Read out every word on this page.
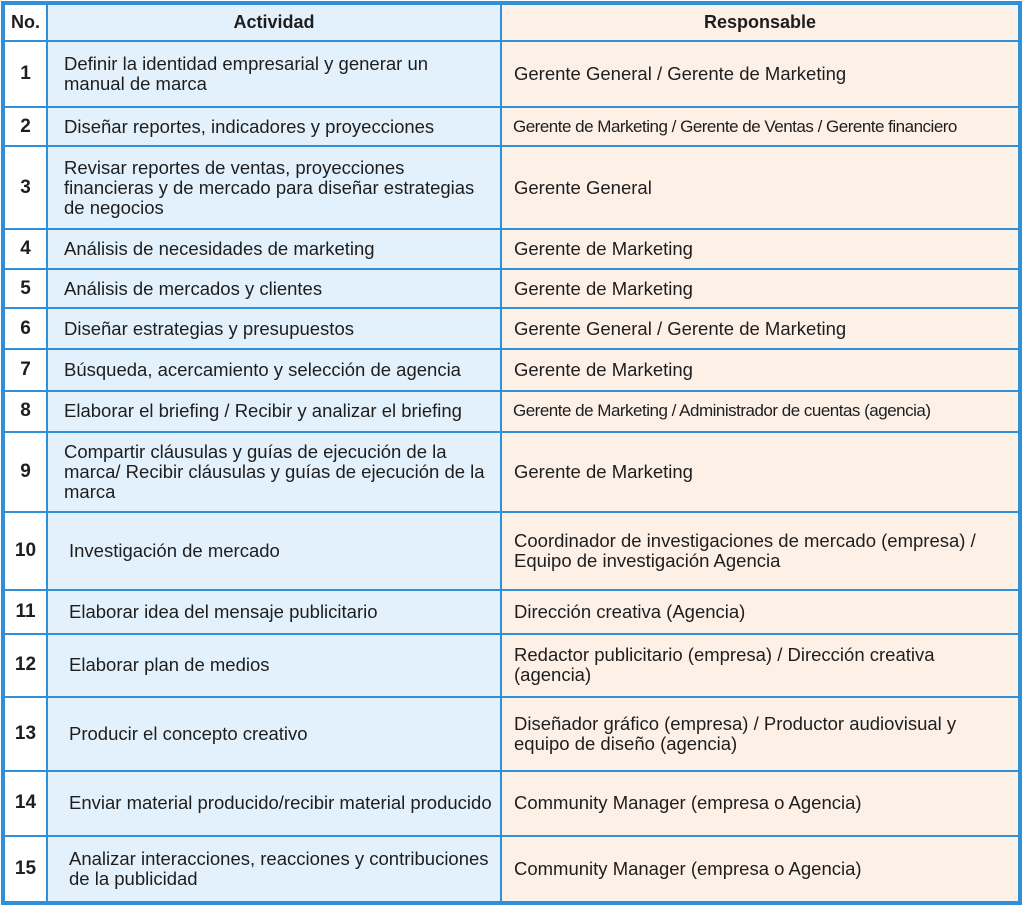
No.	Actividad	Responsable
1	Definir la identidad empresarial y generar un manual de marca	Gerente General / Gerente de Marketing
2	Diseñar reportes, indicadores y proyecciones	Gerente de Marketing / Gerente de Ventas / Gerente financiero
3	Revisar reportes de ventas, proyecciones financieras y de mercado para diseñar estrategias de negocios	Gerente General
4	Análisis de necesidades de marketing	Gerente de Marketing
5	Análisis de mercados y clientes	Gerente de Marketing
6	Diseñar estrategias y presupuestos	Gerente General / Gerente de Marketing
7	Búsqueda, acercamiento y selección de agencia	Gerente de Marketing
8	Elaborar el briefing / Recibir y analizar el briefing	Gerente de Marketing / Administrador de cuentas (agencia)
9	Compartir cláusulas y guías de ejecución de la marca/ Recibir cláusulas y guías de ejecución de la marca	Gerente de Marketing
10	Investigación de mercado	Coordinador de investigaciones de mercado (empresa) / Equipo de investigación Agencia
11	Elaborar idea del mensaje publicitario	Dirección creativa (Agencia)
12	Elaborar plan de medios	Redactor publicitario (empresa) / Dirección creativa (agencia)
13	Producir el concepto creativo	Diseñador gráfico (empresa) / Productor audiovisual y equipo de diseño (agencia)
14	Enviar material producido/recibir material producido	Community Manager (empresa o Agencia)
15	Analizar interacciones, reacciones y contribuciones de la publicidad	Community Manager (empresa o Agencia)
